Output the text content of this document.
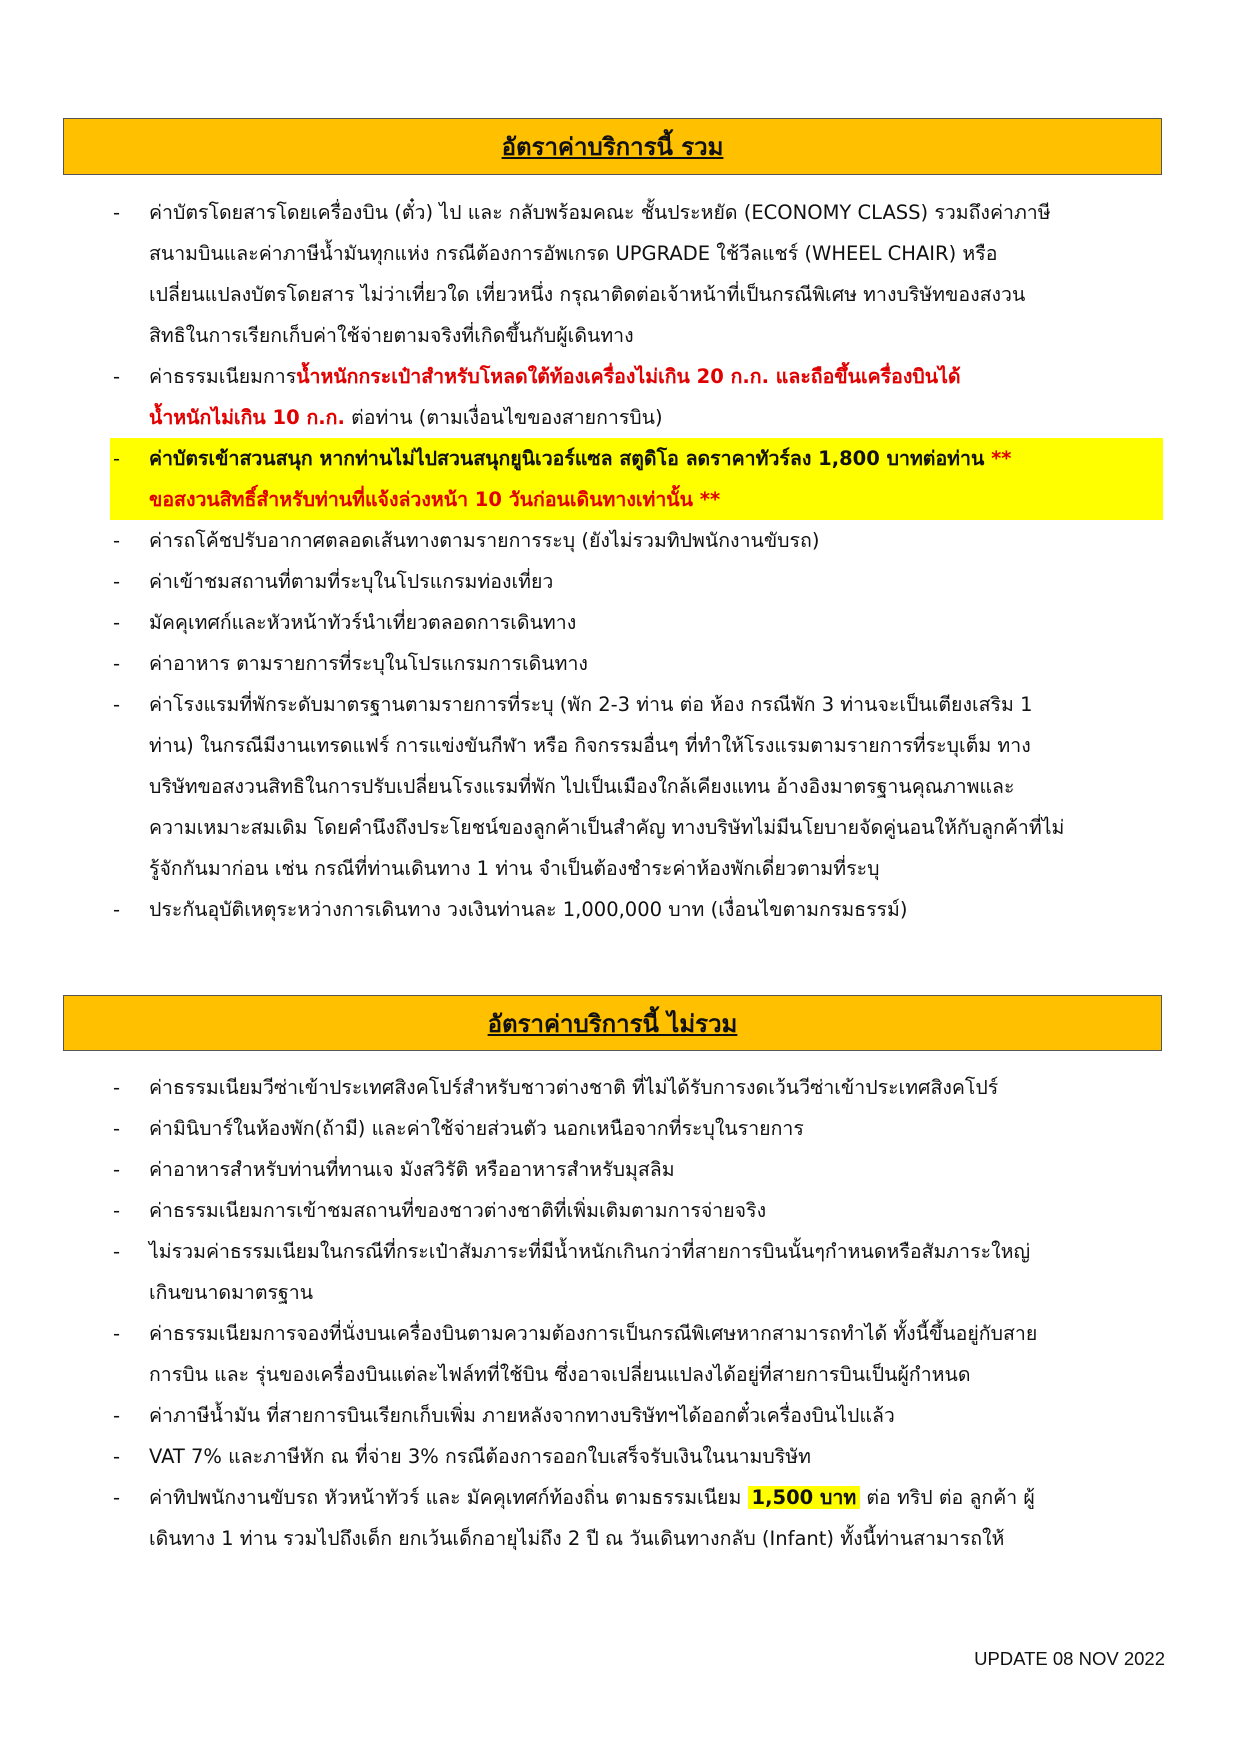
อัตราค่าบริการนี้ รวม
- ค่าบัตรโดยสารโดยเครื่องบิน (ตั๋ว) ไป และ กลับพร้อมคณะ ชั้นประหยัด (ECONOMY CLASS) รวมถึงค่าภาษี
สนามบินและค่าภาษีน้ำมันทุกแห่ง กรณีต้องการอัพเกรด UPGRADE ใช้วีลแชร์ (WHEEL CHAIR) หรือ
เปลี่ยนแปลงบัตรโดยสาร ไม่ว่าเที่ยวใด เที่ยวหนึ่ง กรุณาติดต่อเจ้าหน้าที่เป็นกรณีพิเศษ ทางบริษัทของสงวน
สิทธิในการเรียกเก็บค่าใช้จ่ายตามจริงที่เกิดขึ้นกับผู้เดินทาง
- ค่าธรรมเนียมการน้ำหนักกระเป๋าสำหรับโหลดใต้ท้องเครื่องไม่เกิน 20 ก.ก. และถือขึ้นเครื่องบินได้
น้ำหนักไม่เกิน 10 ก.ก. ต่อท่าน (ตามเงื่อนไขของสายการบิน)
- ค่าบัตรเข้าสวนสนุก หากท่านไม่ไปสวนสนุกยูนิเวอร์แซล สตูดิโอ ลดราคาทัวร์ลง 1,800 บาทต่อท่าน **
ขอสงวนสิทธิ์สำหรับท่านที่แจ้งล่วงหน้า 10 วันก่อนเดินทางเท่านั้น **
- ค่ารถโค้ชปรับอากาศตลอดเส้นทางตามรายการระบุ (ยังไม่รวมทิปพนักงานขับรถ)
- ค่าเข้าชมสถานที่ตามที่ระบุในโปรแกรมท่องเที่ยว
- มัคคุเทศก์และหัวหน้าทัวร์นำเที่ยวตลอดการเดินทาง
- ค่าอาหาร ตามรายการที่ระบุในโปรแกรมการเดินทาง
- ค่าโรงแรมที่พักระดับมาตรฐานตามรายการที่ระบุ (พัก 2-3 ท่าน ต่อ ห้อง กรณีพัก 3 ท่านจะเป็นเตียงเสริม 1
ท่าน) ในกรณีมีงานเทรดแฟร์ การแข่งขันกีฬา หรือ กิจกรรมอื่นๆ ที่ทำให้โรงแรมตามรายการที่ระบุเต็ม ทาง
บริษัทขอสงวนสิทธิในการปรับเปลี่ยนโรงแรมที่พัก ไปเป็นเมืองใกล้เคียงแทน อ้างอิงมาตรฐานคุณภาพและ
ความเหมาะสมเดิม โดยคำนึงถึงประโยชน์ของลูกค้าเป็นสำคัญ ทางบริษัทไม่มีนโยบายจัดคู่นอนให้กับลูกค้าที่ไม่
รู้จักกันมาก่อน เช่น กรณีที่ท่านเดินทาง 1 ท่าน จำเป็นต้องชำระค่าห้องพักเดี่ยวตามที่ระบุ
- ประกันอุบัติเหตุระหว่างการเดินทาง วงเงินท่านละ 1,000,000 บาท (เงื่อนไขตามกรมธรรม์)
อัตราค่าบริการนี้ ไม่รวม
- ค่าธรรมเนียมวีซ่าเข้าประเทศสิงคโปร์สำหรับชาวต่างชาติ ที่ไม่ได้รับการงดเว้นวีซ่าเข้าประเทศสิงคโปร์
- ค่ามินิบาร์ในห้องพัก(ถ้ามี) และค่าใช้จ่ายส่วนตัว นอกเหนือจากที่ระบุในรายการ
- ค่าอาหารสำหรับท่านที่ทานเจ มังสวิรัติ หรืออาหารสำหรับมุสลิม
- ค่าธรรมเนียมการเข้าชมสถานที่ของชาวต่างชาติที่เพิ่มเติมตามการจ่ายจริง
- ไม่รวมค่าธรรมเนียมในกรณีที่กระเป๋าสัมภาระที่มีน้ำหนักเกินกว่าที่สายการบินนั้นๆกำหนดหรือสัมภาระใหญ่
เกินขนาดมาตรฐาน
- ค่าธรรมเนียมการจองที่นั่งบนเครื่องบินตามความต้องการเป็นกรณีพิเศษหากสามารถทำได้ ทั้งนี้ขึ้นอยู่กับสาย
การบิน และ รุ่นของเครื่องบินแต่ละไฟล์ทที่ใช้บิน ซึ่งอาจเปลี่ยนแปลงได้อยู่ที่สายการบินเป็นผู้กำหนด
- ค่าภาษีน้ำมัน ที่สายการบินเรียกเก็บเพิ่ม ภายหลังจากทางบริษัทฯได้ออกตั๋วเครื่องบินไปแล้ว
- VAT 7% และภาษีหัก ณ ที่จ่าย 3% กรณีต้องการออกใบเสร็จรับเงินในนามบริษัท
- ค่าทิปพนักงานขับรถ หัวหน้าทัวร์ และ มัคคุเทศก์ท้องถิ่น ตามธรรมเนียม 1,500 บาท ต่อ ทริป ต่อ ลูกค้า ผู้
เดินทาง 1 ท่าน รวมไปถึงเด็ก ยกเว้นเด็กอายุไม่ถึง 2 ปี ณ วันเดินทางกลับ (Infant) ทั้งนี้ท่านสามารถให้
UPDATE 08 NOV 2022
